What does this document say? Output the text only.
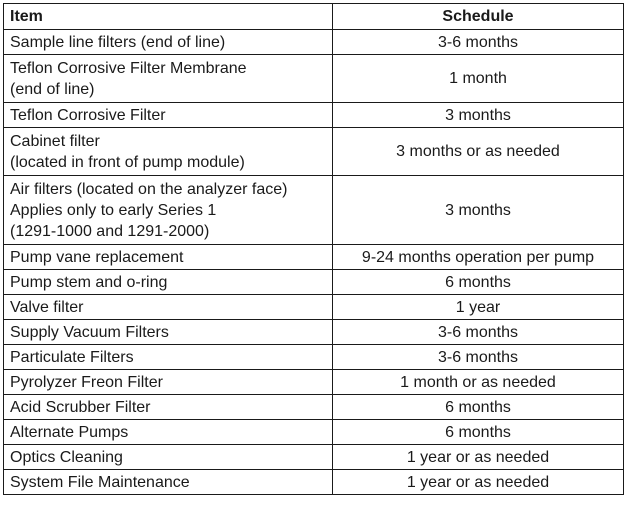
Item	Schedule

Sample line filters (end of line)	3-6 months

Teflon Corrosive Filter Membrane
(end of line)	1 month

Teflon Corrosive Filter	3 months

Cabinet filter
(located in front of pump module)	3 months or as needed

Air filters (located on the analyzer face)
Applies only to early Series 1
(1291-1000 and 1291-2000)	3 months
Pump vane replacement	9-24 months operation per pump
Pump stem and o-ring	6 months
Valve filter	1 year
Supply Vacuum Filters	3-6 months
Particulate Filters	3-6 months
Pyrolyzer Freon Filter	1 month or as needed
Acid Scrubber Filter	6 months
Alternate Pumps	6 months
Optics Cleaning	1 year or as needed
System File Maintenance	1 year or as needed
